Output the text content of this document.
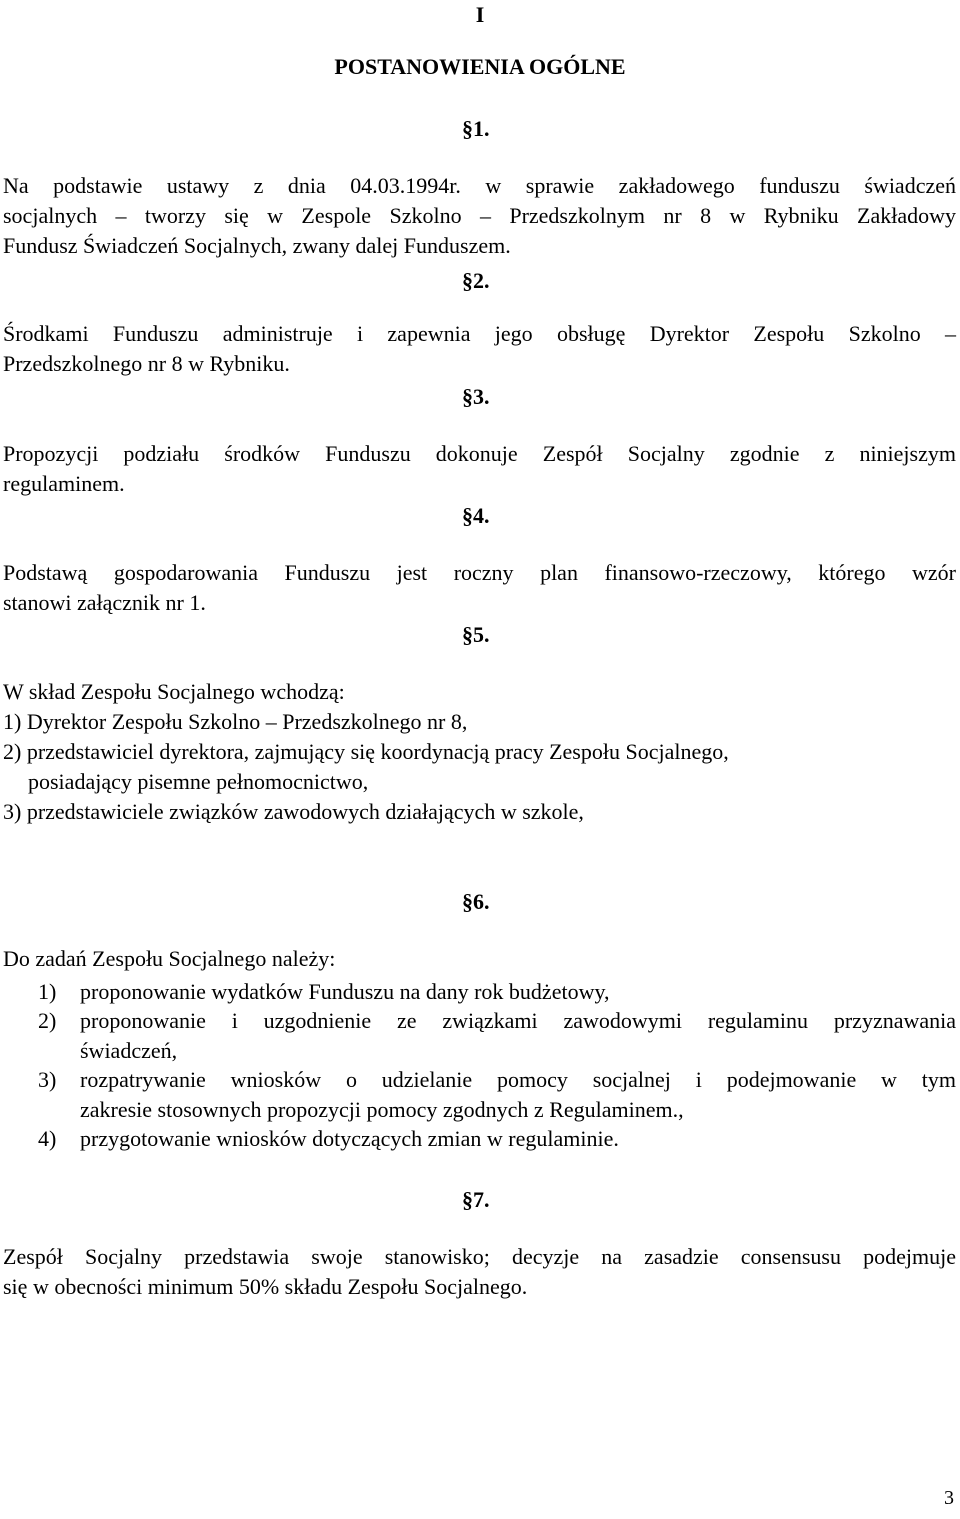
I
POSTANOWIENIA OGÓLNE
§1.
Na podstawie ustawy z dnia 04.03.1994r. w sprawie zakładowego funduszu świadczeń
socjalnych – tworzy się w Zespole Szkolno – Przedszkolnym nr 8 w Rybniku Zakładowy
Fundusz Świadczeń Socjalnych, zwany dalej Funduszem.
§2.
Środkami Funduszu administruje i zapewnia jego obsługę Dyrektor Zespołu Szkolno –
Przedszkolnego nr 8 w Rybniku.
§3.
Propozycji podziału środków Funduszu dokonuje Zespół Socjalny zgodnie z niniejszym
regulaminem.
§4.
Podstawą gospodarowania Funduszu jest roczny plan finansowo-rzeczowy, którego wzór
stanowi załącznik nr 1.
§5.
W skład Zespołu Socjalnego wchodzą:
1) Dyrektor Zespołu Szkolno – Przedszkolnego nr 8,
2) przedstawiciel dyrektora, zajmujący się koordynacją pracy Zespołu Socjalnego,
posiadający pisemne pełnomocnictwo,
3) przedstawiciele związków zawodowych działających w szkole,
§6.
Do zadań Zespołu Socjalnego należy:
1) proponowanie wydatków Funduszu na dany rok budżetowy,
2) proponowanie i uzgodnienie ze związkami zawodowymi regulaminu przyznawania
świadczeń,
3) rozpatrywanie wniosków o udzielanie pomocy socjalnej i podejmowanie w tym
zakresie stosownych propozycji pomocy zgodnych z Regulaminem.,
4) przygotowanie wniosków dotyczących zmian w regulaminie.
§7.
Zespół Socjalny przedstawia swoje stanowisko; decyzje na zasadzie consensusu podejmuje
się w obecności minimum 50% składu Zespołu Socjalnego.
3
